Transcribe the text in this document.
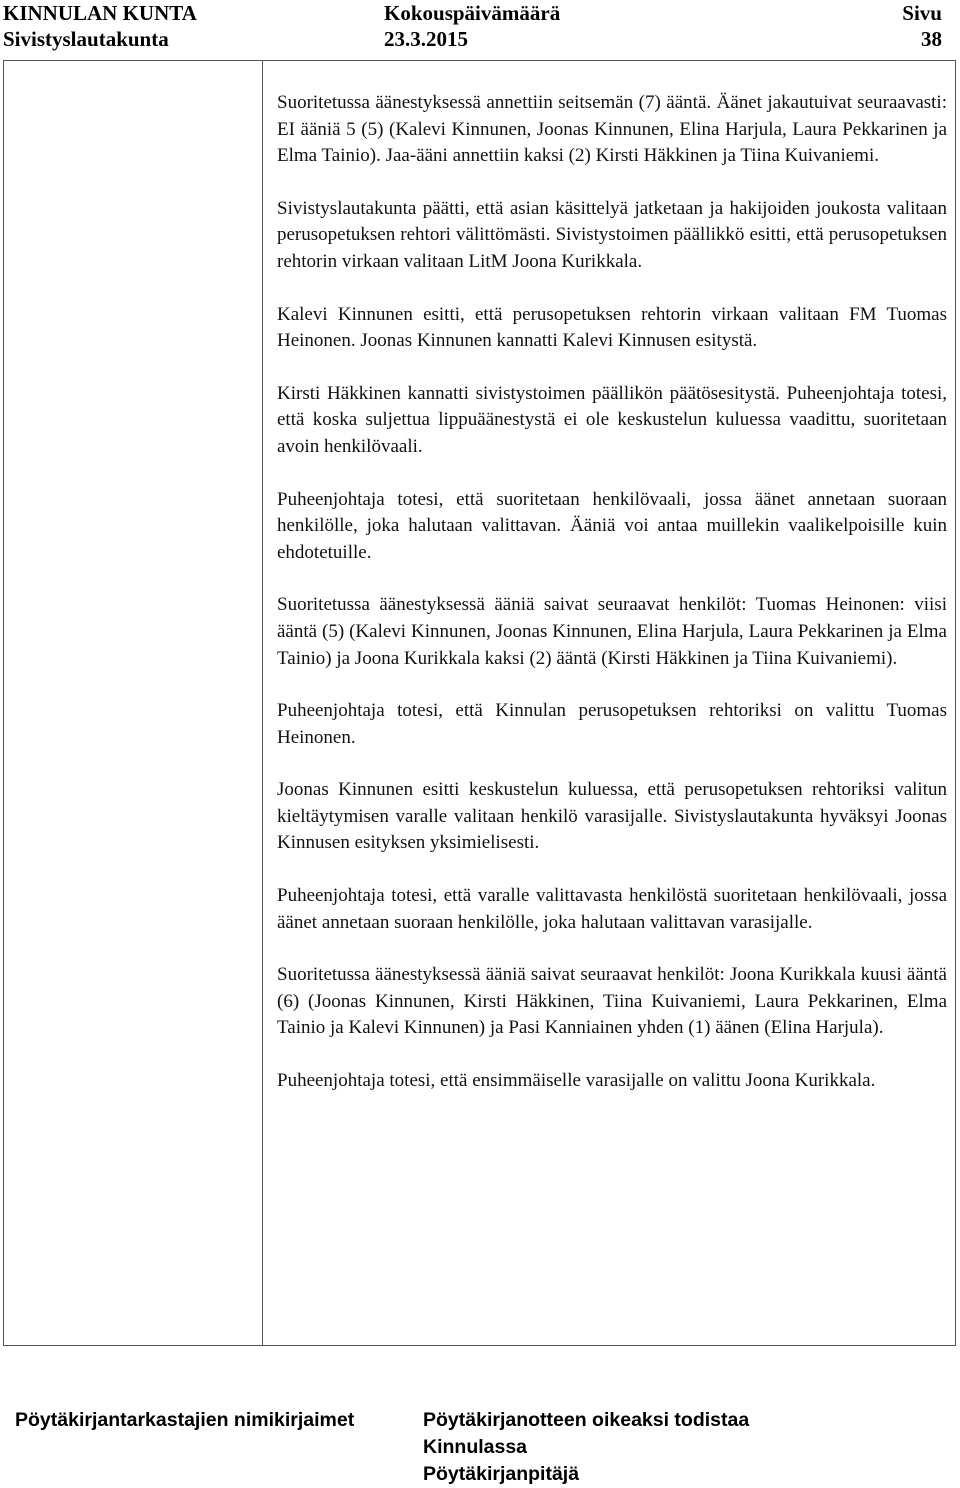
KINNULAN KUNTA
Sivistyslautakunta
Kokouspäivämäärä
23.3.2015
Sivu
38

Suoritetussa äänestyksessä annettiin seitsemän (7) ääntä. Äänet jakautuivat seuraavasti: EI ääniä 5 (5) (Kalevi Kinnunen, Joonas Kinnunen, Elina Harjula, Laura Pekkarinen ja Elma Tainio). Jaa-ääni annettiin kaksi (2) Kirsti Häkkinen ja Tiina Kuivaniemi.

Sivistyslautakunta päätti, että asian käsittelyä jatketaan ja hakijoiden joukosta valitaan perusopetuksen rehtori välittömästi. Sivistystoimen päällikkö esitti, että perusopetuksen rehtorin virkaan valitaan LitM Joona Kurikkala.

Kalevi Kinnunen esitti, että perusopetuksen rehtorin virkaan valitaan FM Tuomas Heinonen. Joonas Kinnunen kannatti Kalevi Kinnusen esitystä.

Kirsti Häkkinen kannatti sivistystoimen päällikön päätösesitystä. Puheenjohtaja totesi, että koska suljettua lippuäänestystä ei ole keskustelun kuluessa vaadittu, suoritetaan avoin henkilövaali.

Puheenjohtaja totesi, että suoritetaan henkilövaali, jossa äänet annetaan suoraan henkilölle, joka halutaan valittavan. Ääniä voi antaa muillekin vaalikelpoisille kuin ehdotetuille.

Suoritetussa äänestyksessä ääniä saivat seuraavat henkilöt: Tuomas Heinonen: viisi ääntä (5) (Kalevi Kinnunen, Joonas Kinnunen, Elina Harjula, Laura Pekkarinen ja Elma Tainio) ja Joona Kurikkala kaksi (2) ääntä (Kirsti Häkkinen ja Tiina Kuivaniemi).

Puheenjohtaja totesi, että Kinnulan perusopetuksen rehtoriksi on valittu Tuomas Heinonen.

Joonas Kinnunen esitti keskustelun kuluessa, että perusopetuksen rehtoriksi valitun kieltäytymisen varalle valitaan henkilö varasijalle. Sivistyslautakunta hyväksyi Joonas Kinnusen esityksen yksimielisesti.

Puheenjohtaja totesi, että varalle valittavasta henkilöstä suoritetaan henkilövaali, jossa äänet annetaan suoraan henkilölle, joka halutaan valittavan varasijalle.

Suoritetussa äänestyksessä ääniä saivat seuraavat henkilöt: Joona Kurikkala kuusi ääntä (6) (Joonas Kinnunen, Kirsti Häkkinen, Tiina Kuivaniemi, Laura Pekkarinen, Elma Tainio ja Kalevi Kinnunen) ja Pasi Kanniainen yhden (1) äänen (Elina Harjula).

Puheenjohtaja totesi, että ensimmäiselle varasijalle on valittu Joona Kurikkala.

Pöytäkirjantarkastajien nimikirjaimet	Pöytäkirjanotteen oikeaksi todistaa
Kinnulassa
Pöytäkirjanpitäjä
